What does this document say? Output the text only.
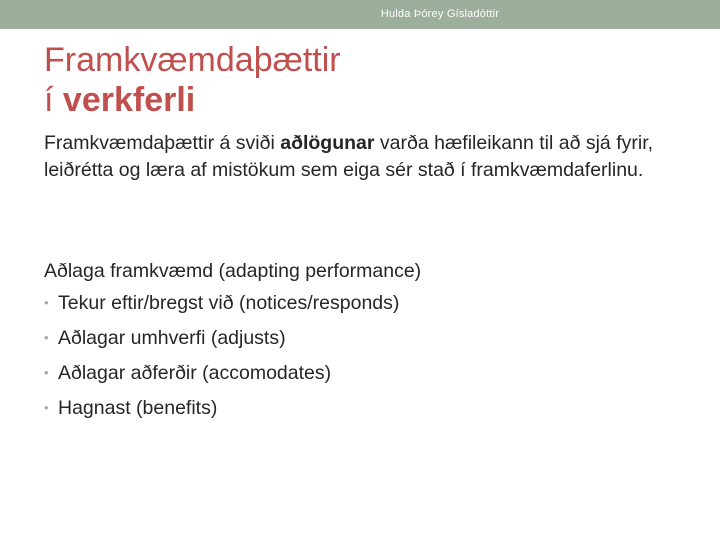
Hulda Þórey Gísladóttir
Framkvæmdaþættir
í verkferli

Framkvæmdaþættir á sviði aðlögunar varða hæfileikann til að sjá fyrir, leiðrétta og læra af mistökum sem eiga sér stað í framkvæmdaferlinu.

Aðlaga framkvæmd (adapting performance)
• Tekur eftir/bregst við (notices/responds)
• Aðlagar umhverfi (adjusts)
• Aðlagar aðferðir (accomodates)
• Hagnast (benefits)
